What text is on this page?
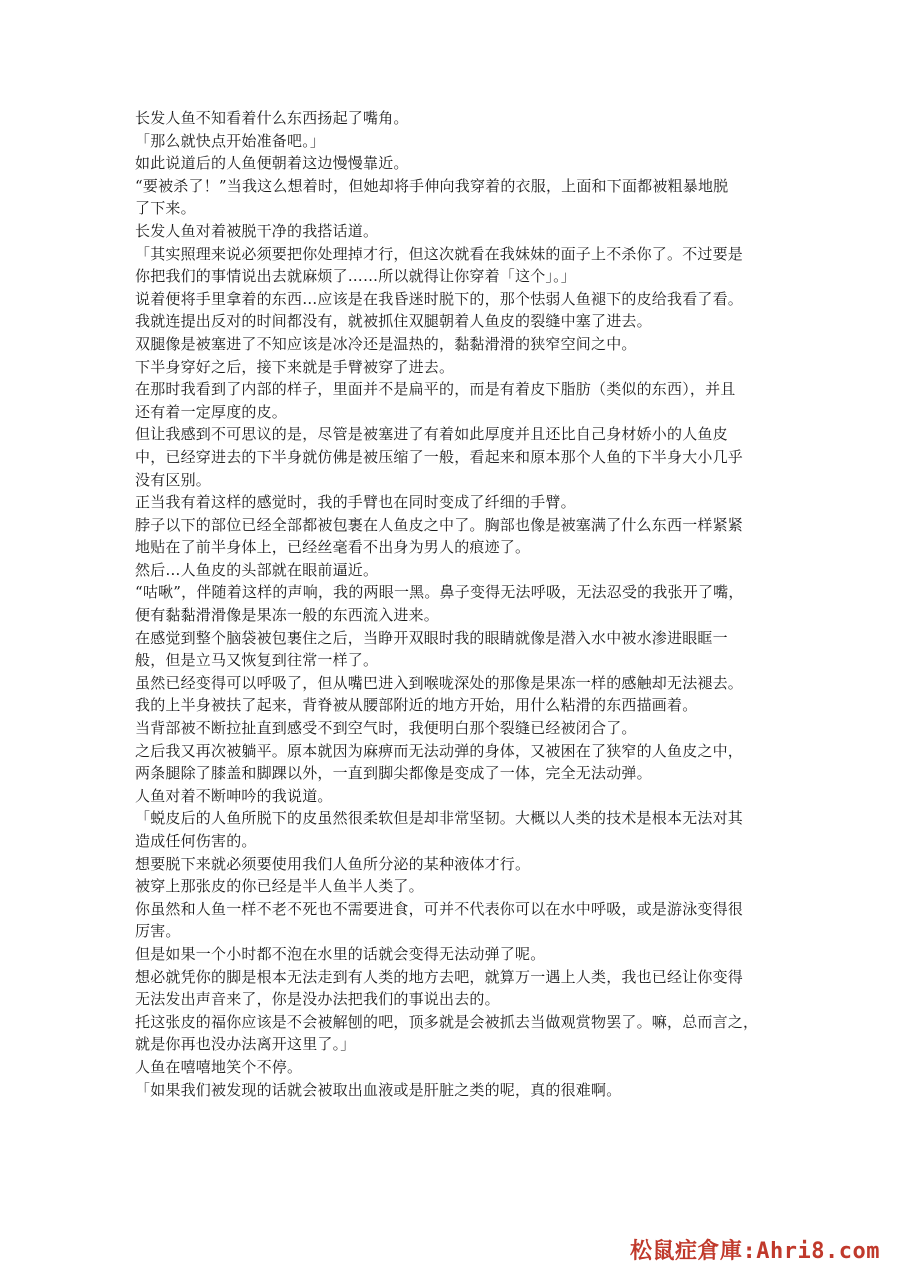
长发人鱼不知看着什么东西扬起了嘴角。
「那么就快点开始准备吧。」
如此说道后的人鱼便朝着这边慢慢靠近。
“要被杀了！”当我这么想着时，但她却将手伸向我穿着的衣服，上面和下面都被粗暴地脱
了下来。
长发人鱼对着被脱干净的我搭话道。
「其实照理来说必须要把你处理掉才行，但这次就看在我妹妹的面子上不杀你了。不过要是
你把我们的事情说出去就麻烦了……所以就得让你穿着「这个」。」
说着便将手里拿着的东西…应该是在我昏迷时脱下的，那个怯弱人鱼褪下的皮给我看了看。
我就连提出反对的时间都没有，就被抓住双腿朝着人鱼皮的裂缝中塞了进去。
双腿像是被塞进了不知应该是冰冷还是温热的，黏黏滑滑的狭窄空间之中。
下半身穿好之后，接下来就是手臂被穿了进去。
在那时我看到了内部的样子，里面并不是扁平的，而是有着皮下脂肪（类似的东西），并且
还有着一定厚度的皮。
但让我感到不可思议的是，尽管是被塞进了有着如此厚度并且还比自己身材娇小的人鱼皮
中，已经穿进去的下半身就仿佛是被压缩了一般，看起来和原本那个人鱼的下半身大小几乎
没有区别。
正当我有着这样的感觉时，我的手臂也在同时变成了纤细的手臂。
脖子以下的部位已经全部都被包裹在人鱼皮之中了。胸部也像是被塞满了什么东西一样紧紧
地贴在了前半身体上，已经丝毫看不出身为男人的痕迹了。
然后…人鱼皮的头部就在眼前逼近。
“咕啾”，伴随着这样的声响，我的两眼一黑。鼻子变得无法呼吸，无法忍受的我张开了嘴，
便有黏黏滑滑像是果冻一般的东西流入进来。
在感觉到整个脑袋被包裹住之后，当睁开双眼时我的眼睛就像是潜入水中被水渗进眼眶一
般，但是立马又恢复到往常一样了。
虽然已经变得可以呼吸了，但从嘴巴进入到喉咙深处的那像是果冻一样的感触却无法褪去。
我的上半身被扶了起来，背脊被从腰部附近的地方开始，用什么粘滑的东西描画着。
当背部被不断拉扯直到感受不到空气时，我便明白那个裂缝已经被闭合了。
之后我又再次被躺平。原本就因为麻痹而无法动弹的身体，又被困在了狭窄的人鱼皮之中，
两条腿除了膝盖和脚踝以外，一直到脚尖都像是变成了一体，完全无法动弹。
人鱼对着不断呻吟的我说道。
「蜕皮后的人鱼所脱下的皮虽然很柔软但是却非常坚韧。大概以人类的技术是根本无法对其
造成任何伤害的。
想要脱下来就必须要使用我们人鱼所分泌的某种液体才行。
被穿上那张皮的你已经是半人鱼半人类了。
你虽然和人鱼一样不老不死也不需要进食，可并不代表你可以在水中呼吸，或是游泳变得很
厉害。
但是如果一个小时都不泡在水里的话就会变得无法动弹了呢。
想必就凭你的脚是根本无法走到有人类的地方去吧，就算万一遇上人类，我也已经让你变得
无法发出声音来了，你是没办法把我们的事说出去的。
托这张皮的福你应该是不会被解刨的吧，顶多就是会被抓去当做观赏物罢了。嘛，总而言之，
就是你再也没办法离开这里了。」
人鱼在嘻嘻地笑个不停。
「如果我们被发现的话就会被取出血液或是肝脏之类的呢，真的很难啊。
松鼠症倉庫:Ahri8.com
